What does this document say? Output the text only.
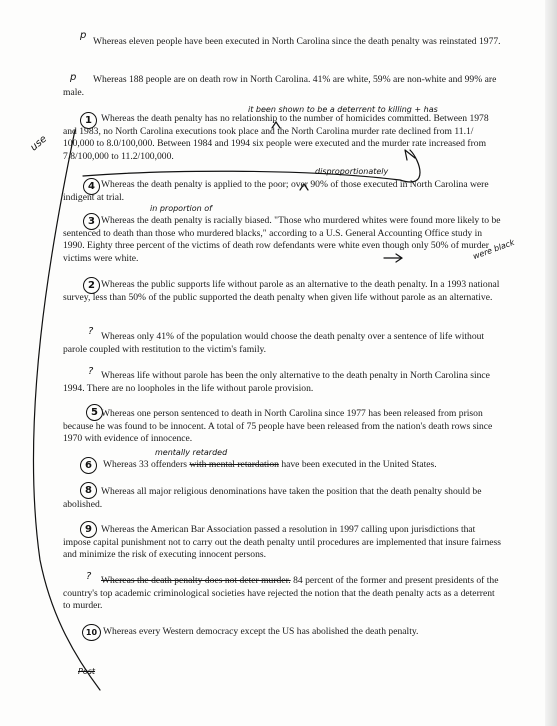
p
Whereas eleven people have been executed in North Carolina since the death penalty was reinstated 1977.
p	Whereas 188 people are on death row in North Carolina. 41% are white, 59% are non-white and 99% are male.
it been shown to be a deterrent to killing + has
use
1 Whereas the death penalty has no relationship to the number of homicides committed. Between 1978 and 1983, no North Carolina executions took place and the North Carolina murder rate declined from 11.1/ 100,000 to 8.0/100,000. Between 1984 and 1994 six people were executed and the murder rate increased from 7.8/100,000 to 11.2/100,000.
disproportionately
4 Whereas the death penalty is applied to the poor; over 90% of those executed in North Carolina were indigent at trial.
in proportion of
were black
3 Whereas the death penalty is racially biased. "Those who murdered whites were found more likely to be sentenced to death than those who murdered blacks," according to a U.S. General Accounting Office study in 1990. Eighty three percent of the victims of death row defendants were white even though only 50% of murder victims were white.
2 Whereas the public supports life without parole as an alternative to the death penalty. In a 1993 national survey, less than 50% of the public supported the death penalty when given life without parole as an alternative.
? Whereas only 41% of the population would choose the death penalty over a sentence of life without parole coupled with restitution to the victim's family.
? Whereas life without parole has been the only alternative to the death penalty in North Carolina since 1994. There are no loopholes in the life without parole provision.
5 Whereas one person sentenced to death in North Carolina since 1977 has been released from prison because he was found to be innocent. A total of 75 people have been released from the nation's death rows since 1970 with evidence of innocence.
mentally retarded
6	Whereas 33 offenders with mental retardation have been executed in the United States.
8 Whereas all major religious denominations have taken the position that the death penalty should be abolished.
9 Whereas the American Bar Association passed a resolution in 1997 calling upon jurisdictions that impose capital punishment not to carry out the death penalty until procedures are implemented that insure fairness and minimize the risk of executing innocent persons.
?	Whereas the death penalty does not deter murder. 84 percent of the former and present presidents of the country's top academic criminological societies have rejected the notion that the death penalty acts as a deterrent to murder.
10 Whereas every Western democracy except the US has abolished the death penalty.
Post
